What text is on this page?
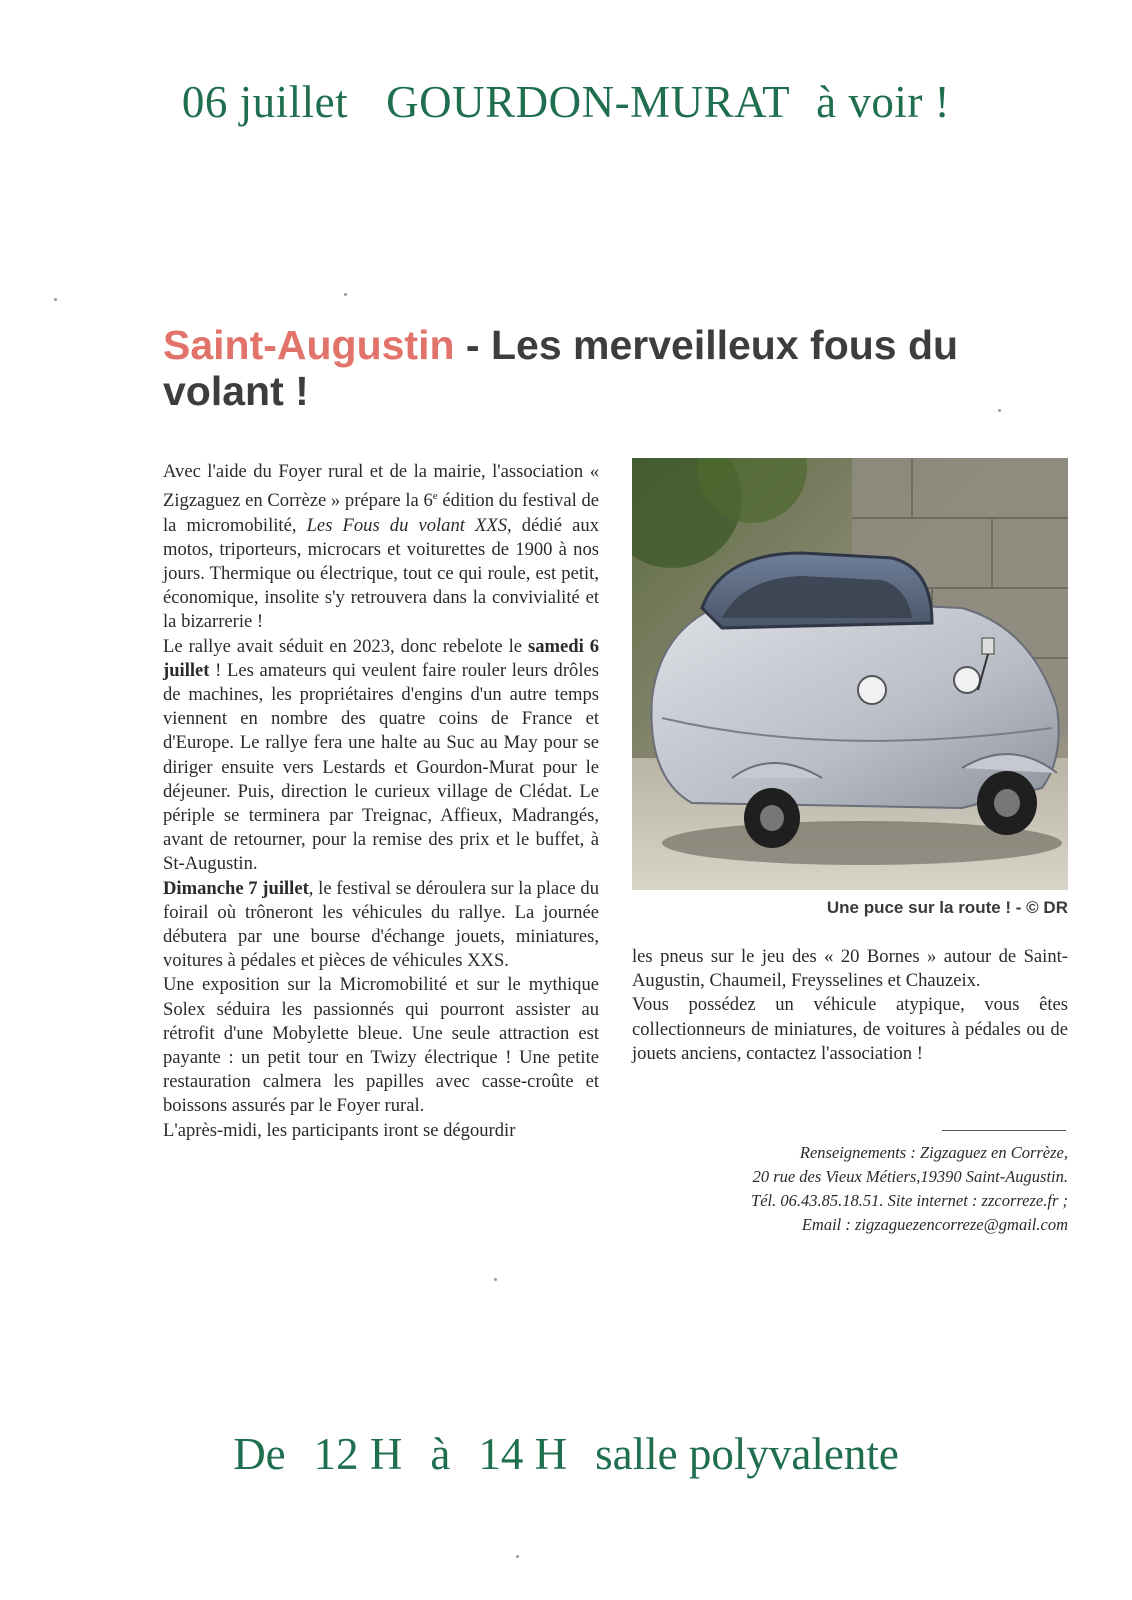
06 juillet GOURDON-MURAT à voir !
Saint-Augustin - Les merveilleux fous du volant !

Avec l'aide du Foyer rural et de la mairie, l'association « Zigzaguez en Corrèze » prépare la 6e édition du festival de la micromobilité, Les Fous du volant XXS, dédié aux motos, triporteurs, microcars et voiturettes de 1900 à nos jours. Thermique ou électrique, tout ce qui roule, est petit, économique, insolite s'y retrouvera dans la convivialité et la bizarrerie !

Le rallye avait séduit en 2023, donc rebelote le samedi 6 juillet ! Les amateurs qui veulent faire rouler leurs drôles de machines, les propriétaires d'engins d'un autre temps viennent en nombre des quatre coins de France et d'Europe. Le rallye fera une halte au Suc au May pour se diriger ensuite vers Lestards et Gourdon-Murat pour le déjeuner. Puis, direction le curieux village de Clédat. Le périple se terminera par Treignac, Affieux, Madrangés, avant de retourner, pour la remise des prix et le buffet, à St-Augustin.

Dimanche 7 juillet, le festival se déroulera sur la place du foirail où trôneront les véhicules du rallye. La journée débutera par une bourse d'échange jouets, miniatures, voitures à pédales et pièces de véhicules XXS.

Une exposition sur la Micromobilité et sur le mythique Solex séduira les passionnés qui pourront assister au rétrofit d'une Mobylette bleue. Une seule attraction est payante : un petit tour en Twizy électrique ! Une petite restauration calmera les papilles avec casse-croûte et boissons assurés par le Foyer rural.

L'après-midi, les participants iront se dégourdir

Une puce sur la route ! - © DR

les pneus sur le jeu des « 20 Bornes » autour de Saint-Augustin, Chaumeil, Freysselines et Chauzeix.

Vous possédez un véhicule atypique, vous êtes collectionneurs de miniatures, de voitures à pédales ou de jouets anciens, contactez l'association !

Renseignements : Zigzaguez en Corrèze,
20 rue des Vieux Métiers,19390 Saint-Augustin.
Tél. 06.43.85.18.51. Site internet : zzcorreze.fr ;
Email : zigzaguezencorreze@gmail.com
De 12 H à 14 H salle polyvalente
